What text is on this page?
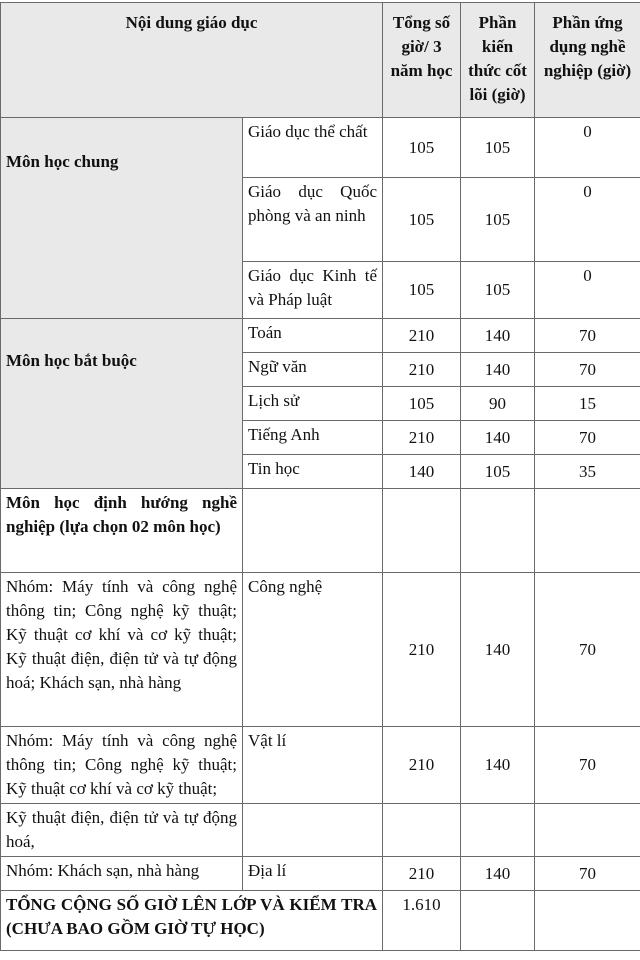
Nội dung giáo dục		Tổng số giờ/ 3 năm học	Phần kiến thức cốt lõi (giờ)	Phần ứng dụng nghề nghiệp (giờ)
Môn học chung	Giáo dục thể chất	105	105	0
	Giáo dục Quốc phòng và an ninh	105	105	0
	Giáo dục Kinh tế và Pháp luật	105	105	0
Môn học bắt buộc	Toán	210	140	70
	Ngữ văn	210	140	70
	Lịch sử	105	90	15
	Tiếng Anh	210	140	70
	Tin học	140	105	35
Môn học định hướng nghề nghiệp (lựa chọn 02 môn học)				
Nhóm: Máy tính và công nghệ thông tin; Công nghệ kỹ thuật; Kỹ thuật cơ khí và cơ kỹ thuật; Kỹ thuật điện, điện tử và tự động hoá; Khách sạn, nhà hàng	Công nghệ	210	140	70
Nhóm: Máy tính và công nghệ thông tin; Công nghệ kỹ thuật; Kỹ thuật cơ khí và cơ kỹ thuật;	Vật lí	210	140	70
Kỹ thuật điện, điện tử và tự động hoá,				
Nhóm: Khách sạn, nhà hàng	Địa lí	210	140	70
TỔNG CỘNG SỐ GIỜ LÊN LỚP VÀ KIỂM TRA (CHƯA BAO GỒM GIỜ TỰ HỌC)		1.610		
